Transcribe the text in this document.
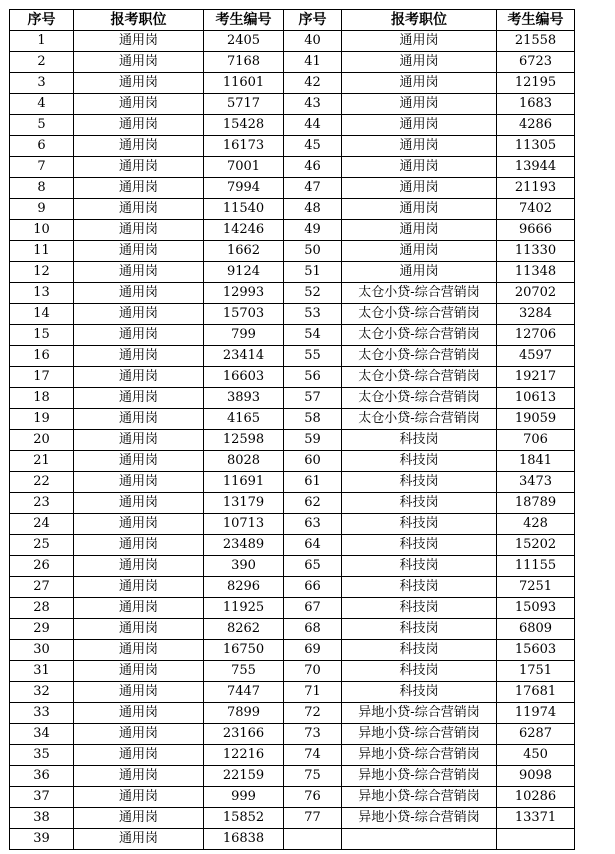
序号	报考职位	考生编号	序号	报考职位	考生编号
1	通用岗	2405	40	通用岗	21558
2	通用岗	7168	41	通用岗	6723
3	通用岗	11601	42	通用岗	12195
4	通用岗	5717	43	通用岗	1683
5	通用岗	15428	44	通用岗	4286
6	通用岗	16173	45	通用岗	11305
7	通用岗	7001	46	通用岗	13944
8	通用岗	7994	47	通用岗	21193
9	通用岗	11540	48	通用岗	7402
10	通用岗	14246	49	通用岗	9666
11	通用岗	1662	50	通用岗	11330
12	通用岗	9124	51	通用岗	11348
13	通用岗	12993	52	太仓小贷-综合营销岗	20702
14	通用岗	15703	53	太仓小贷-综合营销岗	3284
15	通用岗	799	54	太仓小贷-综合营销岗	12706
16	通用岗	23414	55	太仓小贷-综合营销岗	4597
17	通用岗	16603	56	太仓小贷-综合营销岗	19217
18	通用岗	3893	57	太仓小贷-综合营销岗	10613
19	通用岗	4165	58	太仓小贷-综合营销岗	19059
20	通用岗	12598	59	科技岗	706
21	通用岗	8028	60	科技岗	1841
22	通用岗	11691	61	科技岗	3473
23	通用岗	13179	62	科技岗	18789
24	通用岗	10713	63	科技岗	428
25	通用岗	23489	64	科技岗	15202
26	通用岗	390	65	科技岗	11155
27	通用岗	8296	66	科技岗	7251
28	通用岗	11925	67	科技岗	15093
29	通用岗	8262	68	科技岗	6809
30	通用岗	16750	69	科技岗	15603
31	通用岗	755	70	科技岗	1751
32	通用岗	7447	71	科技岗	17681
33	通用岗	7899	72	异地小贷-综合营销岗	11974
34	通用岗	23166	73	异地小贷-综合营销岗	6287
35	通用岗	12216	74	异地小贷-综合营销岗	450
36	通用岗	22159	75	异地小贷-综合营销岗	9098
37	通用岗	999	76	异地小贷-综合营销岗	10286
38	通用岗	15852	77	异地小贷-综合营销岗	13371
39	通用岗	16838			
